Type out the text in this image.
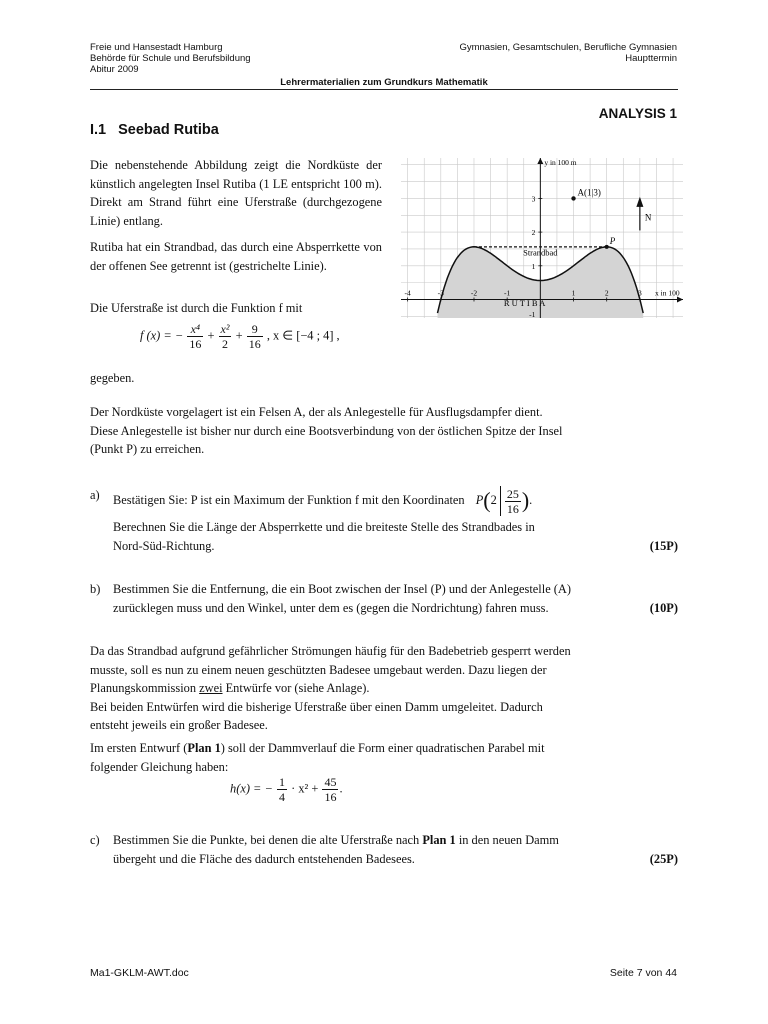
Freie und Hansestadt Hamburg
Behörde für Schule und Berufsbildung
Abitur 2009
Gymnasien, Gesamtschulen, Berufliche Gymnasien
Haupttermin
Lehrermaterialien zum Grundkurs Mathematik
ANALYSIS 1
I.1 Seebad Rutiba
Die nebenstehende Abbildung zeigt die Nordküste der künstlich angelegten Insel Rutiba (1 LE entspricht 100 m). Direkt am Strand führt eine Uferstraße (durchgezogene Linie) entlang.
Rutiba hat ein Strandbad, das durch eine Absperrkette von der offenen See getrennt ist (gestrichelte Linie).
Die Uferstraße ist durch die Funktion f mit
f (x) = − $\frac{\text{x⁴}}{16} + \frac{\text{x²}}{2} + \frac{9}{16}$ , x ∈ [−4 ; 4] ,
gegeben.
-4	-3	-2	-1	1	2	3
1
2
3
-1
A(1|3)
P
y in 100 m
x in 100
Strandbad
R U T I B A
N
Der Nordküste vorgelagert ist ein Felsen A, der als Anlegestelle für Ausflugsdampfer dient.
Diese Anlegestelle ist bisher nur durch eine Bootsverbindung von der östlichen Spitze der Insel
(Punkt P) zu erreichen.
a) Bestätigen Sie: P ist ein Maximum der Funktion f mit den Koordinaten $P(2 \frac{25}{16}$ ).
Berechnen Sie die Länge der Absperrkette und die breiteste Stelle des Strandbades in
Nord-Süd-Richtung.	(15P)
b) Bestimmen Sie die Entfernung, die ein Boot zwischen der Insel (P) und der Anlegestelle (A)
zurücklegen muss und den Winkel, unter dem es (gegen die Nordrichtung) fahren muss.	(10P)
Da das Strandbad aufgrund gefährlicher Strömungen häufig für den Badebetrieb gesperrt werden
musste, soll es nun zu einem neuen geschützten Badesee umgebaut werden. Dazu liegen der
Planungskommission zwei Entwürfe vor (siehe Anlage).
Bei beiden Entwürfen wird die bisherige Uferstraße über einen Damm umgeleitet. Dadurch
entsteht jeweils ein großer Badesee.
Im ersten Entwurf (Plan 1) soll der Dammverlauf die Form einer quadratischen Parabel mit
folgender Gleichung haben:
h(x) = − $\frac{1}{4} \cdot x^2 + \frac{45}{16}$ .
c) Bestimmen Sie die Punkte, bei denen die alte Uferstraße nach Plan 1 in den neuen Damm
übergeht und die Fläche des dadurch entstehenden Badesees.	(25P)
Ma1-GKLM-AWT.doc	Seite 7 von 44
